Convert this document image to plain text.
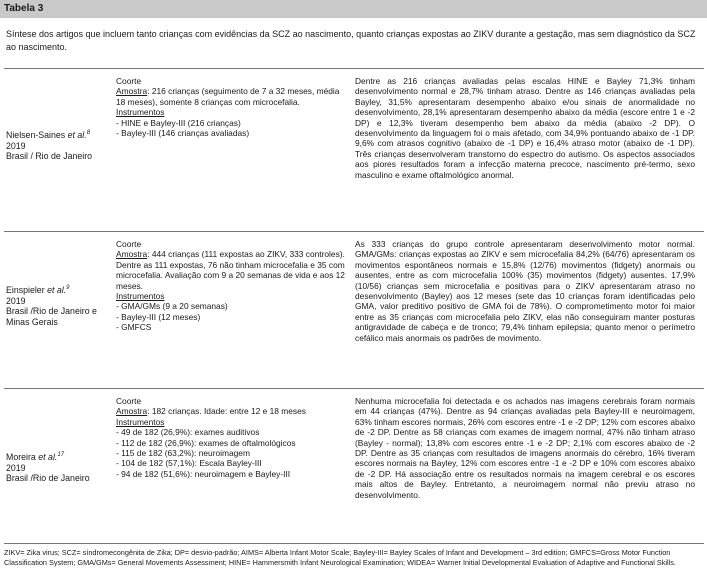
Tabela 3
Síntese dos artigos que incluem tanto crianças com evidências da SCZ ao nascimento, quanto crianças expostas ao ZIKV durante a gestação, mas sem diagnóstico da SCZ ao nascimento.

Nielsen-Saines et al.$^8$

2019

Brasil / Rio de Janeiro

Coorte

Amostra: 216 crianças (seguimento de 7 a 32 meses, média 18 meses), somente 8 crianças com microcefalia.

Instrumentos

- HINE e Bayley-III (216 crianças)

- Bayley-III (146 crianças avaliadas)

Dentre as 216 crianças avaliadas pelas escalas HINE e Bayley 71,3% tinham desenvolvimento normal e 28,7% tinham atraso. Dentre as 146 crianças avaliadas pela Bayley, 31,5% apresentaram desempenho abaixo e/ou sinais de anormalidade no desenvolvimento, 28,1% apresentaram desempenho abaixo da média (escore entre 1 e -2 DP) e 12,3% tiveram desempenho bem abaixo da média (abaixo -2 DP). O desenvolvimento da linguagem foi o mais afetado, com 34,9% pontuando abaixo de -1 DP. 9,6% com atrasos cognitivo (abaixo de -1 DP) e 16,4% atraso motor (abaixo de -1 DP). Três crianças desenvolveram transtorno do espectro do autismo. Os aspectos associados aos piores resultados foram a infecção materna precoce, nascimento pré-termo, sexo masculino e exame oftalmológico anormal.

Einspieler et al.$^9$

2019

Brasil /Rio de Janeiro e Minas Gerais

Coorte

Amostra: 444 crianças (111 expostas ao ZIKV, 333 controles). Dentre as 111 expostas, 76 não tinham microcefalia e 35 com microcefalia. Avaliação com 9 a 20 semanas de vida e aos 12 meses.

Instrumentos

- GMA/GMs (9 a 20 semanas)

- Bayley-III (12 meses)

- GMFCS

As 333 crianças do grupo controle apresentaram desenvolvimento motor normal. GMA/GMs: crianças expostas ao ZIKV e sem microcefalia 84,2% (64/76) apresentaram os movimentos espontâneos normais e 15,8% (12/76) movimentos (fidgety) anormais ou ausentes, entre as com microcefalia 100% (35) movimentos (fidgety) ausentes. 17,9% (10/56) crianças sem microcefalia e positivas para o ZIKV apresentaram atraso no desenvolvimento (Bayley) aos 12 meses (sete das 10 crianças foram identificadas pelo GMA, valor preditivo positivo de GMA foi de 78%). O comprometimento motor foi maior entre as 35 crianças com microcefalia pelo ZIKV, elas não conseguiram manter posturas antigravidade de cabeça e de tronco; 79,4% tinham epilepsia; quanto menor o perímetro cefálico mais anormais os padrões de movimento.

Moreira et al.$^{17}$

2019

Brasil /Rio de Janeiro

Coorte

Amostra: 182 crianças. Idade: entre 12 e 18 meses

Instrumentos

- 49 de 182 (26,9%): exames auditivos

- 112 de 182 (26,9%): exames de oftalmológicos

- 115 de 182 (63,2%): neuroimagem

- 104 de 182 (57,1%): Escala Bayley-III

- 94 de 182 (51,6%): neuroimagem e Bayley-III

Nenhuma microcefalia foi detectada e os achados nas imagens cerebrais foram normais em 44 crianças (47%). Dentre as 94 crianças avaliadas pela Bayley-III e neuroimagem, 63% tinham escores normais, 26% com escores entre -1 e -2 DP; 12% com escores abaixo de -2 DP. Dentre as 58 crianças com exames de imagem normal, 47% não tinham atraso (Bayley - normal); 13,8% com escores entre -1 e -2 DP; 2,1% com escores abaixo de -2 DP. Dentre as 35 crianças com resultados de imagens anormais do cérebro, 16% tiveram escores normais na Bayley, 12% com escores entre -1 e -2 DP e 10% com escores abaixo de -2 DP. Há associação entre os resultados normais na imagem cerebral e os escores mais altos de Bayley. Entretanto, a neuroimagem normal não previu atraso no desenvolvimento.
ZIKV= Zika virus; SCZ= síndromecongênita de Zika; DP= desvio-padrão; AIMS= Alberta Infant Motor Scale; Bayley-III= Bayley Scales of Infant and Development – 3rd edition; GMFCS=Gross Motor Function Classification System; GMA/GMs= General Movements Assessment; HINE= Hammersmith Infant Neurological Examination; WIDEA= Warner Initial Developmental Evaluation of Adaptive and Functional Skills.
